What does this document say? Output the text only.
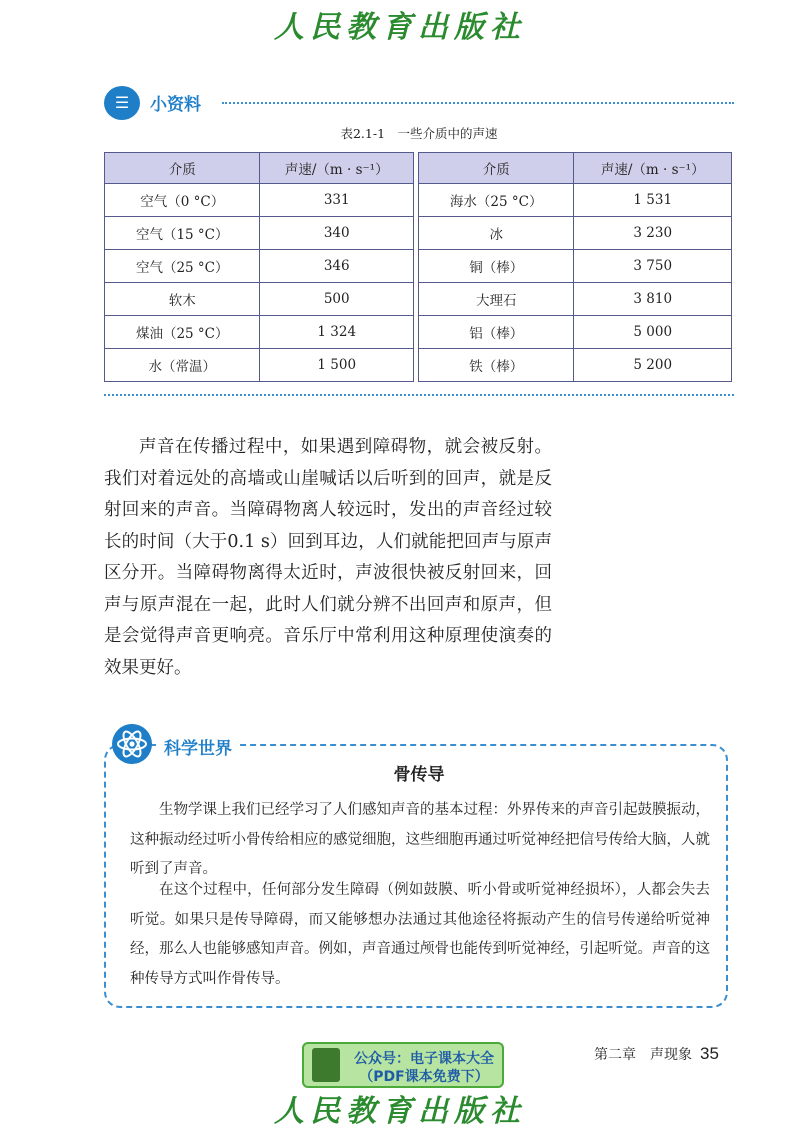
人民教育出版社
☰	小资料
表2.1-1　一些介质中的声速
介质	声速/（m · s⁻¹）		介质	声速/（m · s⁻¹）
空气（0 °C）	331		海水（25 °C）	1 531
空气（15 °C）	340		冰	3 230
空气（25 °C）	346		铜（棒）	3 750
软木	500		大理石	3 810
煤油（25 °C）	1 324		铝（棒）	5 000
水（常温）	1 500		铁（棒）	5 200
声音在传播过程中，如果遇到障碍物，就会被反射。我们对着远处的高墙或山崖喊话以后听到的回声，就是反射回来的声音。当障碍物离人较远时，发出的声音经过较长的时间（大于0.1 s）回到耳边，人们就能把回声与原声区分开。当障碍物离得太近时，声波很快被反射回来，回声与原声混在一起，此时人们就分辨不出回声和原声，但是会觉得声音更响亮。音乐厅中常利用这种原理使演奏的效果更好。
科学世界
骨传导
生物学课上我们已经学习了人们感知声音的基本过程：外界传来的声音引起鼓膜振动，这种振动经过听小骨传给相应的感觉细胞，这些细胞再通过听觉神经把信号传给大脑，人就听到了声音。
在这个过程中，任何部分发生障碍（例如鼓膜、听小骨或听觉神经损坏），人都会失去听觉。如果只是传导障碍，而又能够想办法通过其他途径将振动产生的信号传递给听觉神经，那么人也能够感知声音。例如，声音通过颅骨也能传到听觉神经，引起听觉。声音的这种传导方式叫作骨传导。
第二章　声现象 35
公众号：电子课本大全
（PDF课本免费下）
人民教育出版社
